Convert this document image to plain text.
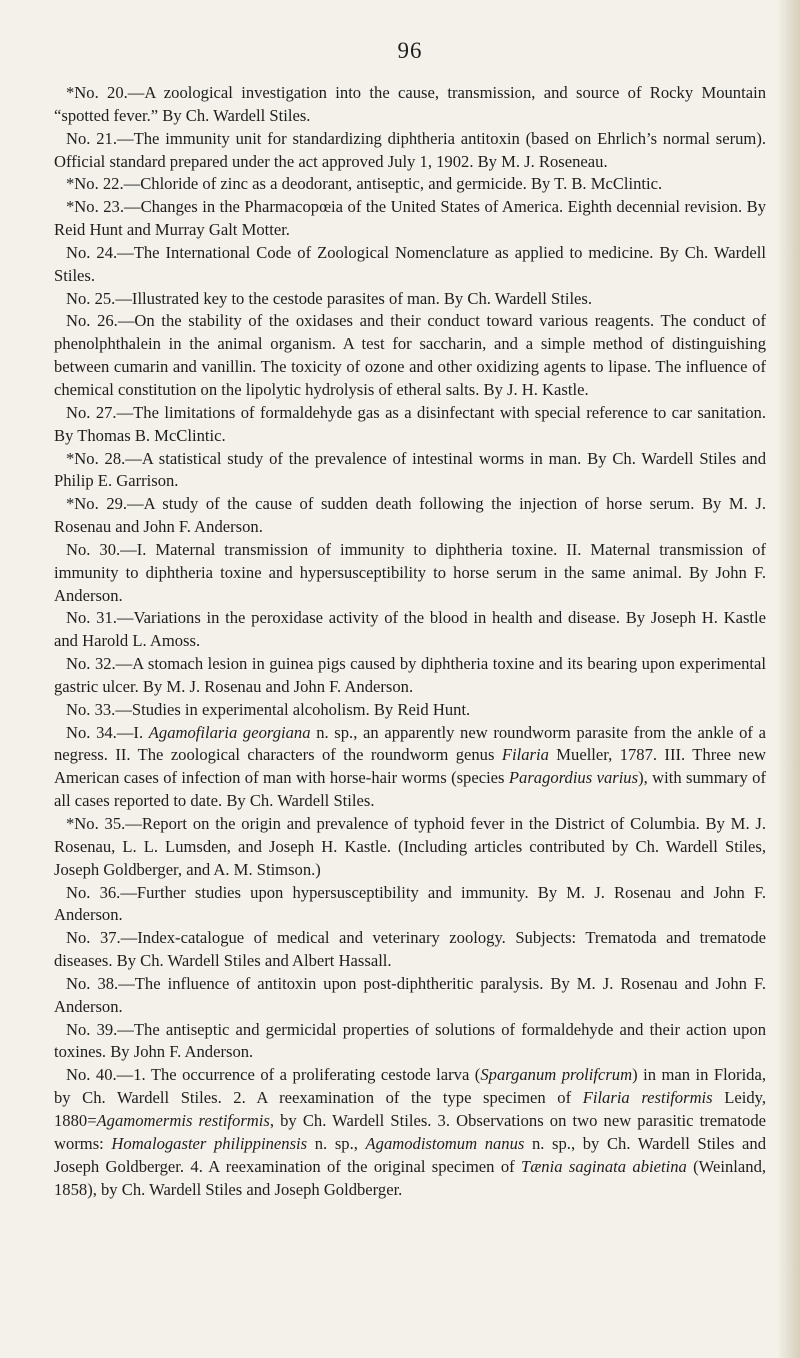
96

*No. 20.—A zoological investigation into the cause, transmission, and source of Rocky Mountain “spotted fever.” By Ch. Wardell Stiles.

No. 21.—The immunity unit for standardizing diphtheria antitoxin (based on Ehrlich’s normal serum). Official standard prepared under the act approved July 1, 1902. By M. J. Roseneau.

*No. 22.—Chloride of zinc as a deodorant, antiseptic, and germicide. By T. B. McClintic.

*No. 23.—Changes in the Pharmacopœia of the United States of America. Eighth decennial revision. By Reid Hunt and Murray Galt Motter.

No. 24.—The International Code of Zoological Nomenclature as applied to medicine. By Ch. Wardell Stiles.

No. 25.—Illustrated key to the cestode parasites of man. By Ch. Wardell Stiles.

No. 26.—On the stability of the oxidases and their conduct toward various reagents. The conduct of phenolphthalein in the animal organism. A test for saccharin, and a simple method of distinguishing between cumarin and vanillin. The toxicity of ozone and other oxidizing agents to lipase. The influence of chemical constitution on the lipolytic hydrolysis of etheral salts. By J. H. Kastle.

No. 27.—The limitations of formaldehyde gas as a disinfectant with special reference to car sanitation. By Thomas B. McClintic.

*No. 28.—A statistical study of the prevalence of intestinal worms in man. By Ch. Wardell Stiles and Philip E. Garrison.

*No. 29.—A study of the cause of sudden death following the injection of horse serum. By M. J. Rosenau and John F. Anderson.

No. 30.—I. Maternal transmission of immunity to diphtheria toxine. II. Maternal transmission of immunity to diphtheria toxine and hypersusceptibility to horse serum in the same animal. By John F. Anderson.

No. 31.—Variations in the peroxidase activity of the blood in health and disease. By Joseph H. Kastle and Harold L. Amoss.

No. 32.—A stomach lesion in guinea pigs caused by diphtheria toxine and its bearing upon experimental gastric ulcer. By M. J. Rosenau and John F. Anderson.

No. 33.—Studies in experimental alcoholism. By Reid Hunt.

No. 34.—I. Agamofilaria georgiana n. sp., an apparently new roundworm parasite from the ankle of a negress. II. The zoological characters of the roundworm genus Filaria Mueller, 1787. III. Three new American cases of infection of man with horse-hair worms (species Paragordius varius), with summary of all cases reported to date. By Ch. Wardell Stiles.

*No. 35.—Report on the origin and prevalence of typhoid fever in the District of Columbia. By M. J. Rosenau, L. L. Lumsden, and Joseph H. Kastle. (Including articles contributed by Ch. Wardell Stiles, Joseph Goldberger, and A. M. Stimson.)

No. 36.—Further studies upon hypersusceptibility and immunity. By M. J. Rosenau and John F. Anderson.

No. 37.—Index-catalogue of medical and veterinary zoology. Subjects: Trematoda and trematode diseases. By Ch. Wardell Stiles and Albert Hassall.

No. 38.—The influence of antitoxin upon post-diphtheritic paralysis. By M. J. Rosenau and John F. Anderson.

No. 39.—The antiseptic and germicidal properties of solutions of formaldehyde and their action upon toxines. By John F. Anderson.

No. 40.—1. The occurrence of a proliferating cestode larva (Sparganum prolifcrum) in man in Florida, by Ch. Wardell Stiles. 2. A reexamination of the type specimen of Filaria restiformis Leidy, 1880=Agamomermis restiformis, by Ch. Wardell Stiles. 3. Observations on two new parasitic trematode worms: Homalogaster philippinensis n. sp., Agamodistomum nanus n. sp., by Ch. Wardell Stiles and Joseph Goldberger. 4. A reexamination of the original specimen of Tænia saginata abietina (Weinland, 1858), by Ch. Wardell Stiles and Joseph Goldberger.
